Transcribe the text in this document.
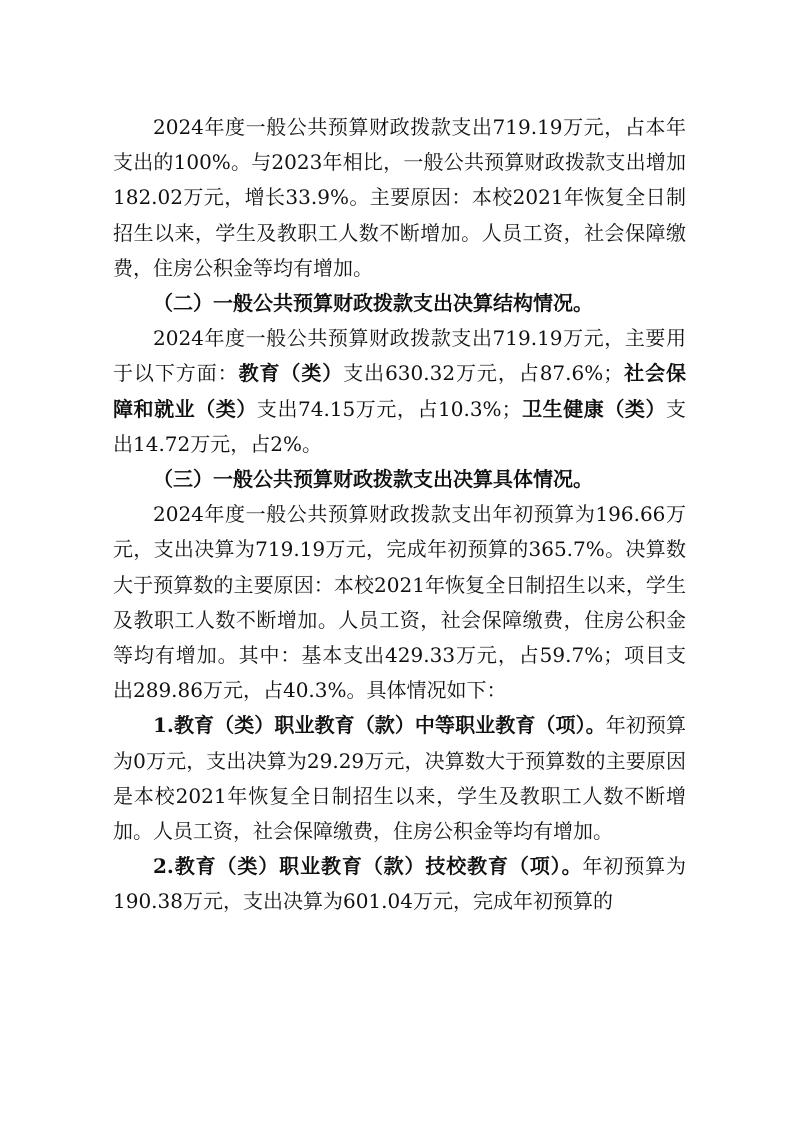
2024年度一般公共预算财政拨款支出719.19万元，占本年支出的100%。与2023年相比，一般公共预算财政拨款支出增加182.02万元，增长33.9%。主要原因：本校2021年恢复全日制招生以来，学生及教职工人数不断增加。人员工资，社会保障缴费，住房公积金等均有增加。

（二）一般公共预算财政拨款支出决算结构情况。

2024年度一般公共预算财政拨款支出719.19万元，主要用于以下方面：教育（类）支出630.32万元，占87.6%；社会保障和就业（类）支出74.15万元，占10.3%；卫生健康（类）支出14.72万元，占2%。

（三）一般公共预算财政拨款支出决算具体情况。

2024年度一般公共预算财政拨款支出年初预算为196.66万元，支出决算为719.19万元，完成年初预算的365.7%。决算数大于预算数的主要原因：本校2021年恢复全日制招生以来，学生及教职工人数不断增加。人员工资，社会保障缴费，住房公积金等均有增加。其中：基本支出429.33万元，占59.7%；项目支出289.86万元，占40.3%。具体情况如下：

1.教育（类）职业教育（款）中等职业教育（项）。年初预算为0万元，支出决算为29.29万元，决算数大于预算数的主要原因是本校2021年恢复全日制招生以来，学生及教职工人数不断增加。人员工资，社会保障缴费，住房公积金等均有增加。

2.教育（类）职业教育（款）技校教育（项）。年初预算为190.38万元，支出决算为601.04万元，完成年初预算的
